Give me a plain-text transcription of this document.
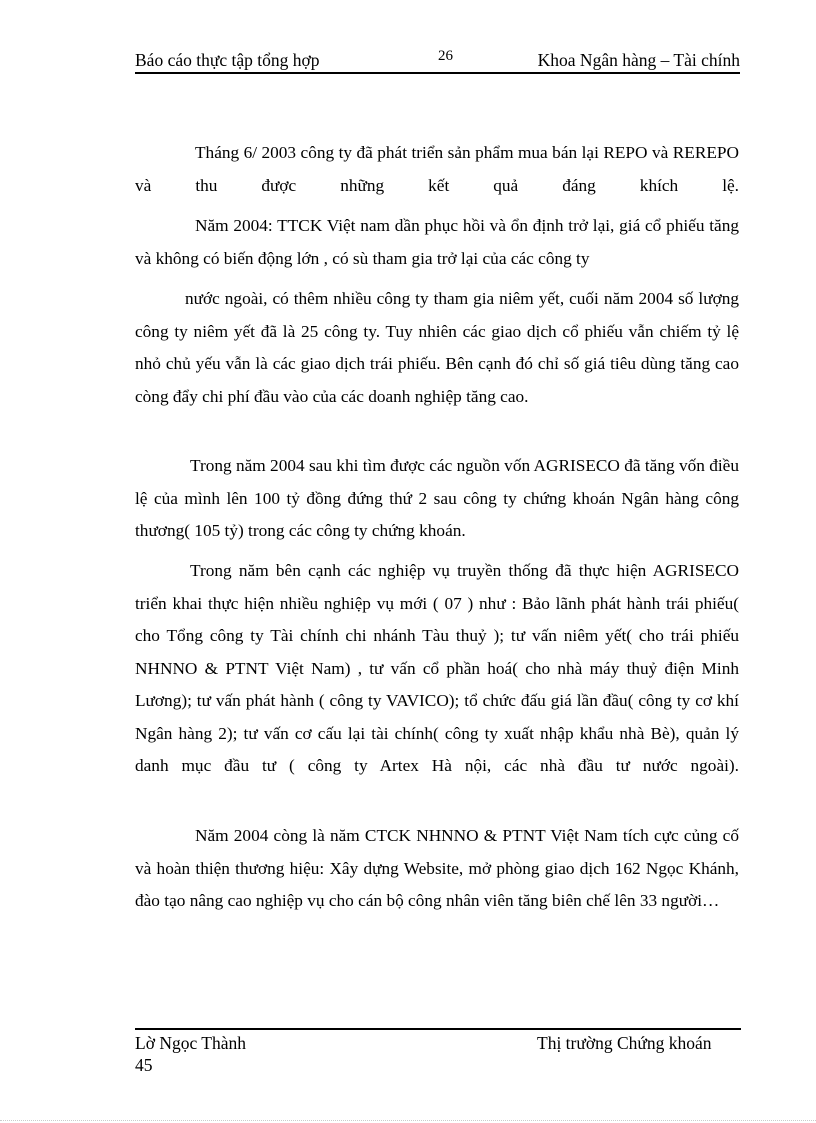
Báo cáo thực tập tổng hợp	26	Khoa Ngân hàng – Tài chính

Tháng 6/ 2003 công ty đã phát triển sản phẩm mua bán lại REPO và REREPO và thu được những kết quả đáng khích lệ.

Năm 2004: TTCK Việt nam dần phục hồi và ổn định trở lại, giá cổ phiếu tăng và không có biến động lớn , có sù tham gia trở lại của các công ty

nước ngoài, có thêm nhiều công ty tham gia niêm yết, cuối năm 2004 số lượng công ty niêm yết đã là 25 công ty. Tuy nhiên các giao dịch cổ phiếu vẫn chiếm tỷ lệ nhỏ chủ yếu vẫn là các giao dịch trái phiếu. Bên cạnh đó chỉ số giá tiêu dùng tăng cao còng đẩy chi phí đầu vào của các doanh nghiệp tăng cao.

Trong năm 2004 sau khi tìm được các nguồn vốn AGRISECO đã tăng vốn điều lệ của mình lên 100 tỷ đồng đứng thứ 2 sau công ty chứng khoán Ngân hàng công thương( 105 tỷ) trong các công ty chứng khoán.

Trong năm bên cạnh các nghiệp vụ truyền thống đã thực hiện AGRISECO triển khai thực hiện nhiều nghiệp vụ mới ( 07 ) như : Bảo lãnh phát hành trái phiếu( cho Tổng công ty Tài chính chi nhánh Tàu thuỷ ); tư vấn niêm yết( cho trái phiếu NHNNO & PTNT Việt Nam) , tư vấn cổ phần hoá( cho nhà máy thuỷ điện Minh Lương); tư vấn phát hành ( công ty VAVICO); tổ chức đấu giá lần đầu( công ty cơ khí Ngân hàng 2); tư vấn cơ cấu lại tài chính( công ty xuất nhập khẩu nhà Bè), quản lý danh mục đầu tư ( công ty Artex Hà nội, các nhà đầu tư nước ngoài).

Năm 2004 còng là năm CTCK NHNNO & PTNT Việt Nam tích cực củng cố và hoàn thiện thương hiệu: Xây dựng Website, mở phòng giao dịch 162 Ngọc Khánh, đào tạo nâng cao nghiệp vụ cho cán bộ công nhân viên tăng biên chế lên 33 người…

Lờ Ngọc Thành	Thị trường Chứng khoán
45
